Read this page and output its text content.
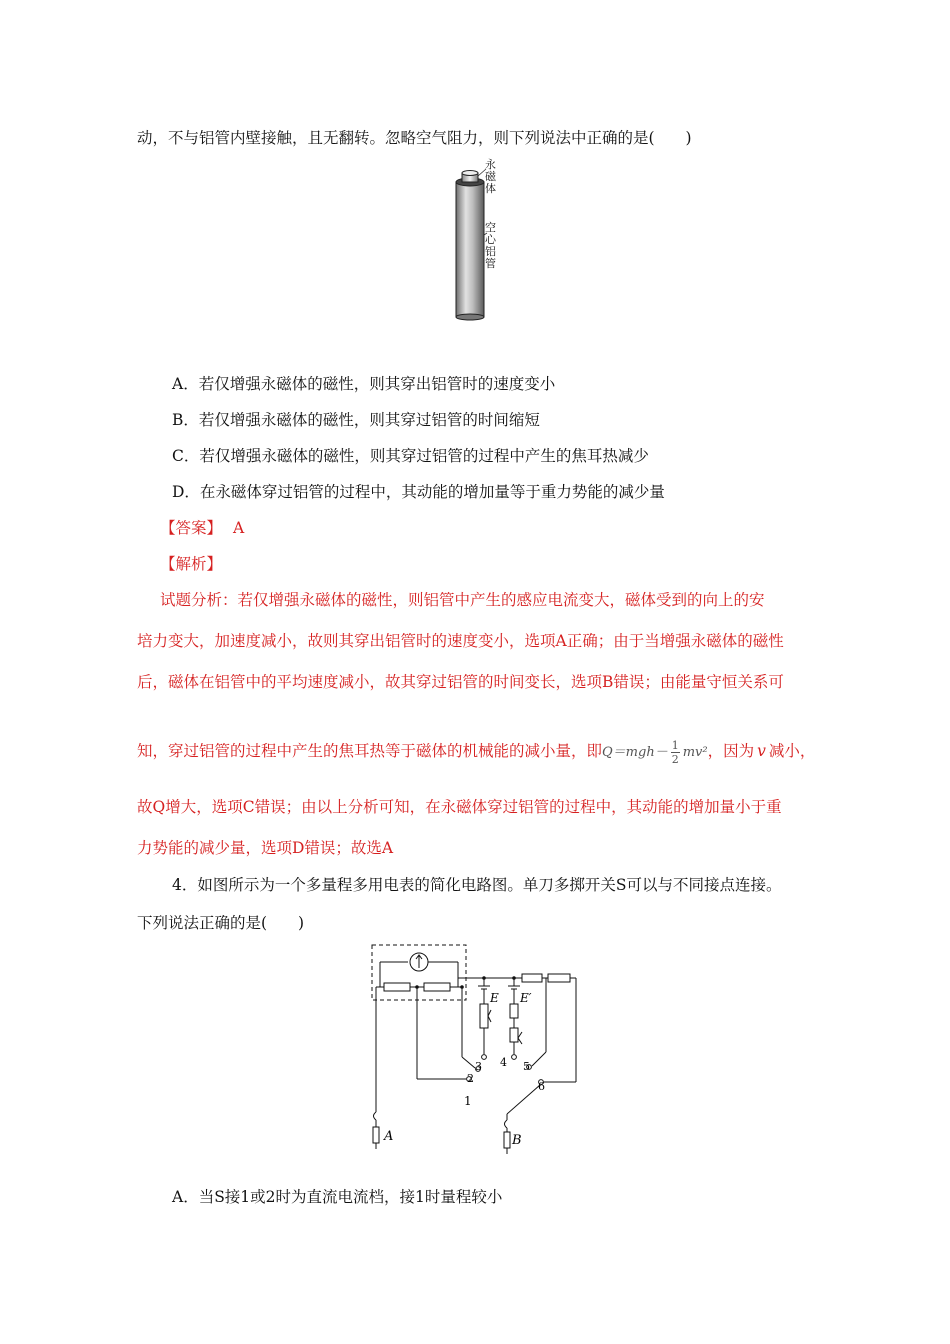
动，不与铝管内壁接触，且无翻转。忽略空气阻力，则下列说法中正确的是(　　)
永磁体
空心铝管
A．若仅增强永磁体的磁性，则其穿出铝管时的速度变小
B．若仅增强永磁体的磁性，则其穿过铝管的时间缩短
C．若仅增强永磁体的磁性，则其穿过铝管的过程中产生的焦耳热减少
D．在永磁体穿过铝管的过程中，其动能的增加量等于重力势能的减少量
【答案】 A
【解析】
试题分析：若仅增强永磁体的磁性，则铝管中产生的感应电流变大，磁体受到的向上的安
培力变大，加速度减小，故则其穿出铝管时的速度变小，选项A正确；由于当增强永磁体的磁性
后，磁体在铝管中的平均速度减小，故其穿过铝管的时间变长，选项B错误；由能量守恒关系可
知，穿过铝管的过程中产生的焦耳热等于磁体的机械能的减小量，即$Q=mgh- \frac{1}{2} mv^2$，因为 v 减小，
故Q增大，选项C错误；由以上分析可知，在永磁体穿过铝管的过程中，其动能的增加量小于重
力势能的减少量，选项D错误；故选A
4．如图所示为一个多量程多用电表的简化电路图。单刀多掷开关S可以与不同接点连接。
下列说法正确的是(　　)
E E′
3 4 5
2
6
1
A	B
A．当S接1或2时为直流电流档，接1时量程较小
